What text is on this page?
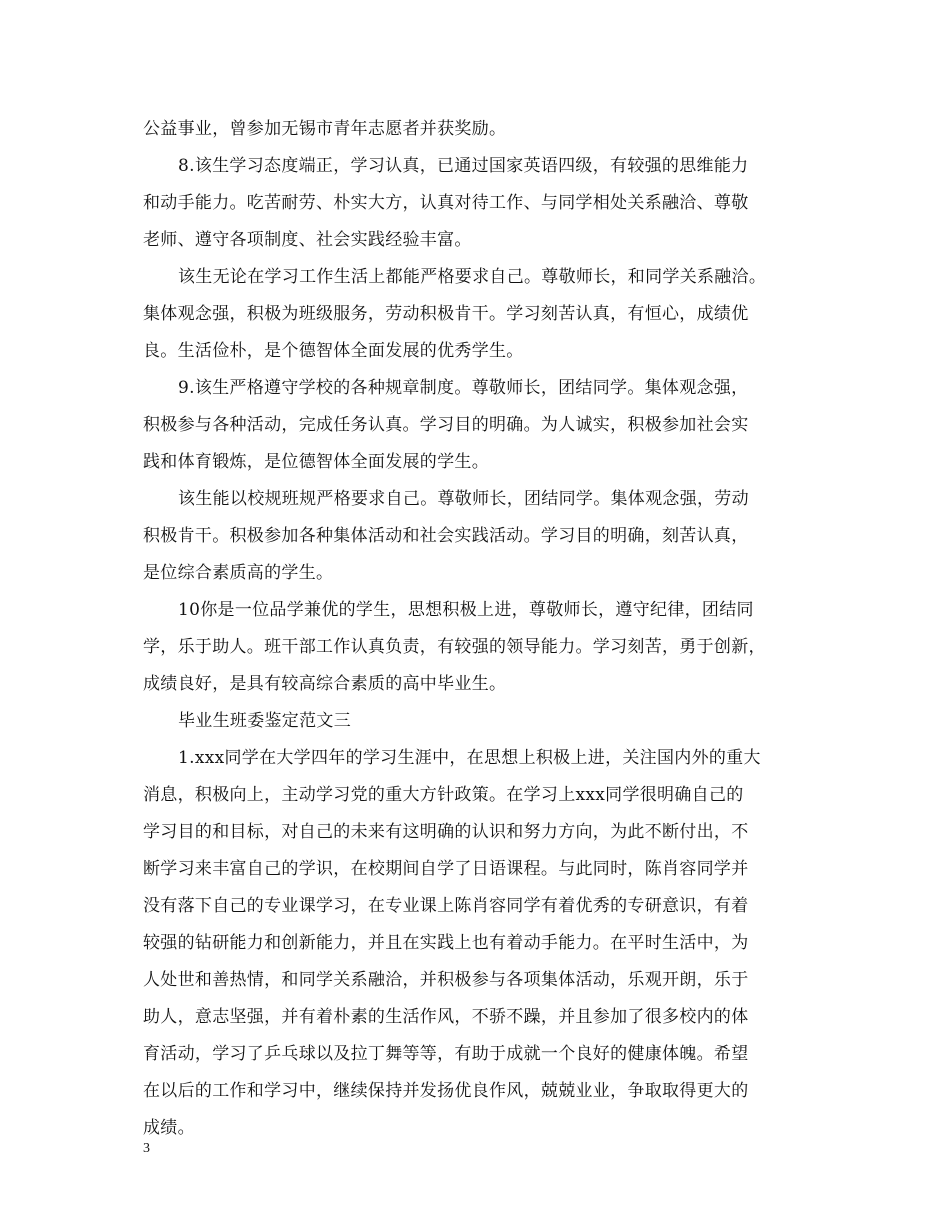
公益事业，曾参加无锡市青年志愿者并获奖励。
8.该生学习态度端正，学习认真，已通过国家英语四级，有较强的思维能力
和动手能力。吃苦耐劳、朴实大方，认真对待工作、与同学相处关系融洽、尊敬
老师、遵守各项制度、社会实践经验丰富。
该生无论在学习工作生活上都能严格要求自己。尊敬师长，和同学关系融洽。
集体观念强，积极为班级服务，劳动积极肯干。学习刻苦认真，有恒心，成绩优
良。生活俭朴，是个德智体全面发展的优秀学生。
9.该生严格遵守学校的各种规章制度。尊敬师长，团结同学。集体观念强，
积极参与各种活动，完成任务认真。学习目的明确。为人诚实，积极参加社会实
践和体育锻炼，是位德智体全面发展的学生。
该生能以校规班规严格要求自己。尊敬师长，团结同学。集体观念强，劳动
积极肯干。积极参加各种集体活动和社会实践活动。学习目的明确，刻苦认真，
是位综合素质高的学生。
10你是一位品学兼优的学生，思想积极上进，尊敬师长，遵守纪律，团结同
学，乐于助人。班干部工作认真负责，有较强的领导能力。学习刻苦，勇于创新，
成绩良好，是具有较高综合素质的高中毕业生。
毕业生班委鉴定范文三
1.xxx同学在大学四年的学习生涯中，在思想上积极上进，关注国内外的重大
消息，积极向上，主动学习党的重大方针政策。在学习上xxx同学很明确自己的
学习目的和目标，对自己的未来有这明确的认识和努力方向，为此不断付出，不
断学习来丰富自己的学识，在校期间自学了日语课程。与此同时，陈肖容同学并
没有落下自己的专业课学习，在专业课上陈肖容同学有着优秀的专研意识，有着
较强的钻研能力和创新能力，并且在实践上也有着动手能力。在平时生活中，为
人处世和善热情，和同学关系融洽，并积极参与各项集体活动，乐观开朗，乐于
助人，意志坚强，并有着朴素的生活作风，不骄不躁，并且参加了很多校内的体
育活动，学习了乒乓球以及拉丁舞等等，有助于成就一个良好的健康体魄。希望
在以后的工作和学习中，继续保持并发扬优良作风，兢兢业业，争取取得更大的
成绩。
3
